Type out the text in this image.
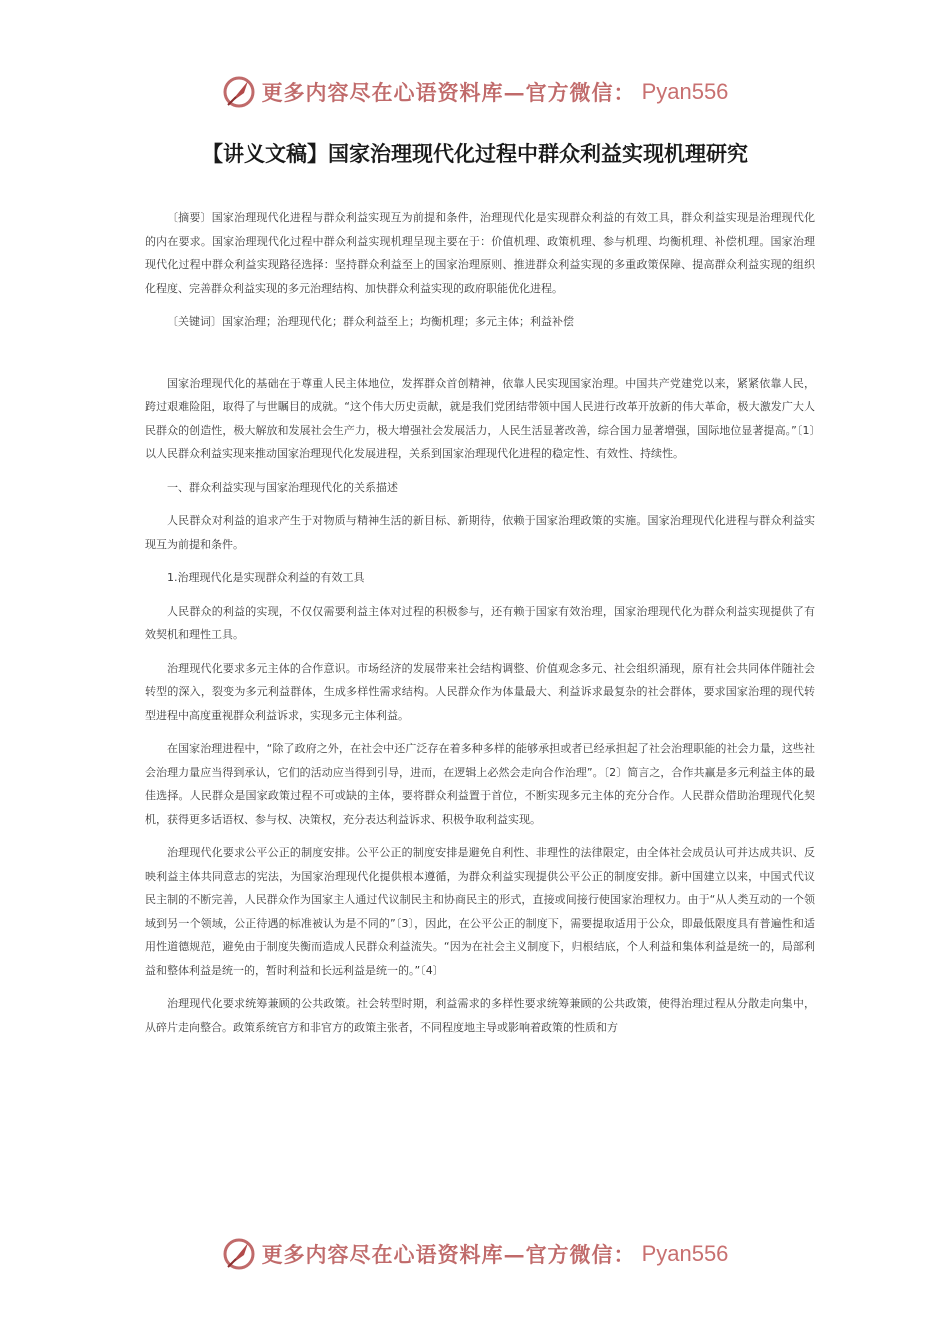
更多内容尽在心语资料库 — 官方微信： Pyan556
【讲义文稿】国家治理现代化过程中群众利益实现机理研究

〔摘要〕国家治理现代化进程与群众利益实现互为前提和条件，治理现代化是实现群众利益的有效工具，群众利益实现是治理现代化的内在要求。国家治理现代化过程中群众利益实现机理呈现主要在于：价值机理、政策机理、参与机理、均衡机理、补偿机理。国家治理现代化过程中群众利益实现路径选择：坚持群众利益至上的国家治理原则、推进群众利益实现的多重政策保障、提高群众利益实现的组织化程度、完善群众利益实现的多元治理结构、加快群众利益实现的政府职能优化进程。

〔关键词〕国家治理；治理现代化；群众利益至上；均衡机理；多元主体；利益补偿

国家治理现代化的基础在于尊重人民主体地位，发挥群众首创精神，依靠人民实现国家治理。中国共产党建党以来，紧紧依靠人民，跨过艰难险阻，取得了与世瞩目的成就。“这个伟大历史贡献，就是我们党团结带领中国人民进行改革开放新的伟大革命，极大激发广大人民群众的创造性，极大解放和发展社会生产力，极大增强社会发展活力，人民生活显著改善，综合国力显著增强，国际地位显著提高。”〔1〕以人民群众利益实现来推动国家治理现代化发展进程，关系到国家治理现代化进程的稳定性、有效性、持续性。

一、群众利益实现与国家治理现代化的关系描述

人民群众对利益的追求产生于对物质与精神生活的新目标、新期待，依赖于国家治理政策的实施。国家治理现代化进程与群众利益实现互为前提和条件。

1.治理现代化是实现群众利益的有效工具

人民群众的利益的实现，不仅仅需要利益主体对过程的积极参与，还有赖于国家有效治理，国家治理现代化为群众利益实现提供了有效契机和理性工具。

治理现代化要求多元主体的合作意识。市场经济的发展带来社会结构调整、价值观念多元、社会组织涌现，原有社会共同体伴随社会转型的深入，裂变为多元利益群体，生成多样性需求结构。人民群众作为体量最大、利益诉求最复杂的社会群体，要求国家治理的现代转型进程中高度重视群众利益诉求，实现多元主体利益。

在国家治理进程中，“除了政府之外，在社会中还广泛存在着多种多样的能够承担或者已经承担起了社会治理职能的社会力量，这些社会治理力量应当得到承认，它们的活动应当得到引导，进而，在逻辑上必然会走向合作治理”。〔2〕简言之，合作共赢是多元利益主体的最佳选择。人民群众是国家政策过程不可或缺的主体，要将群众利益置于首位，不断实现多元主体的充分合作。人民群众借助治理现代化契机，获得更多话语权、参与权、决策权，充分表达利益诉求、积极争取利益实现。

治理现代化要求公平公正的制度安排。公平公正的制度安排是避免自利性、非理性的法律限定，由全体社会成员认可并达成共识、反映利益主体共同意志的宪法，为国家治理现代化提供根本遵循，为群众利益实现提供公平公正的制度安排。新中国建立以来，中国式代议民主制的不断完善，人民群众作为国家主人通过代议制民主和协商民主的形式，直接或间接行使国家治理权力。由于“从人类互动的一个领域到另一个领域，公正待遇的标准被认为是不同的”〔3〕，因此，在公平公正的制度下，需要提取适用于公众，即最低限度具有普遍性和适用性道德规范，避免由于制度失衡而造成人民群众利益流失。“因为在社会主义制度下，归根结底，个人利益和集体利益是统一的，局部利益和整体利益是统一的，暂时利益和长远利益是统一的。”〔4〕

治理现代化要求统筹兼顾的公共政策。社会转型时期，利益需求的多样性要求统筹兼顾的公共政策，使得治理过程从分散走向集中，从碎片走向整合。政策系统官方和非官方的政策主张者，不同程度地主导或影响着政策的性质和方

更多内容尽在心语资料库 — 官方微信： Pyan556
